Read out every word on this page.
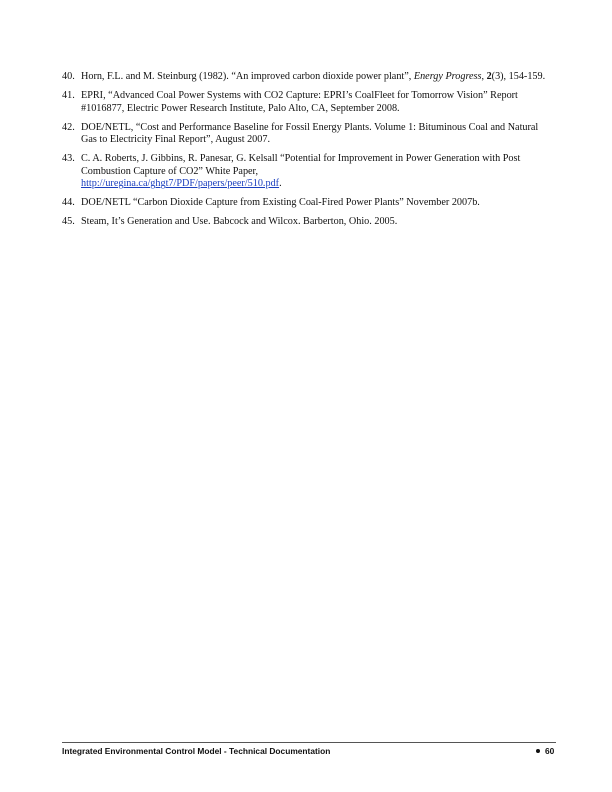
40. Horn, F.L. and M. Steinburg (1982). “An improved carbon dioxide power plant”, Energy Progress, 2(3), 154-159.
41. EPRI, “Advanced Coal Power Systems with CO2 Capture: EPRI’s CoalFleet for Tomorrow Vision” Report #1016877, Electric Power Research Institute, Palo Alto, CA, September 2008.
42. DOE/NETL, “Cost and Performance Baseline for Fossil Energy Plants. Volume 1: Bituminous Coal and Natural Gas to Electricity Final Report”, August 2007.
43. C. A. Roberts, J. Gibbins, R. Panesar, G. Kelsall “Potential for Improvement in Power Generation with Post Combustion Capture of CO2” White Paper,
http://uregina.ca/ghgt7/PDF/papers/peer/510.pdf.
44. DOE/NETL “Carbon Dioxide Capture from Existing Coal-Fired Power Plants” November 2007b.
45. Steam, It’s Generation and Use. Babcock and Wilcox. Barberton, Ohio. 2005.
Integrated Environmental Control Model - Technical Documentation	60
